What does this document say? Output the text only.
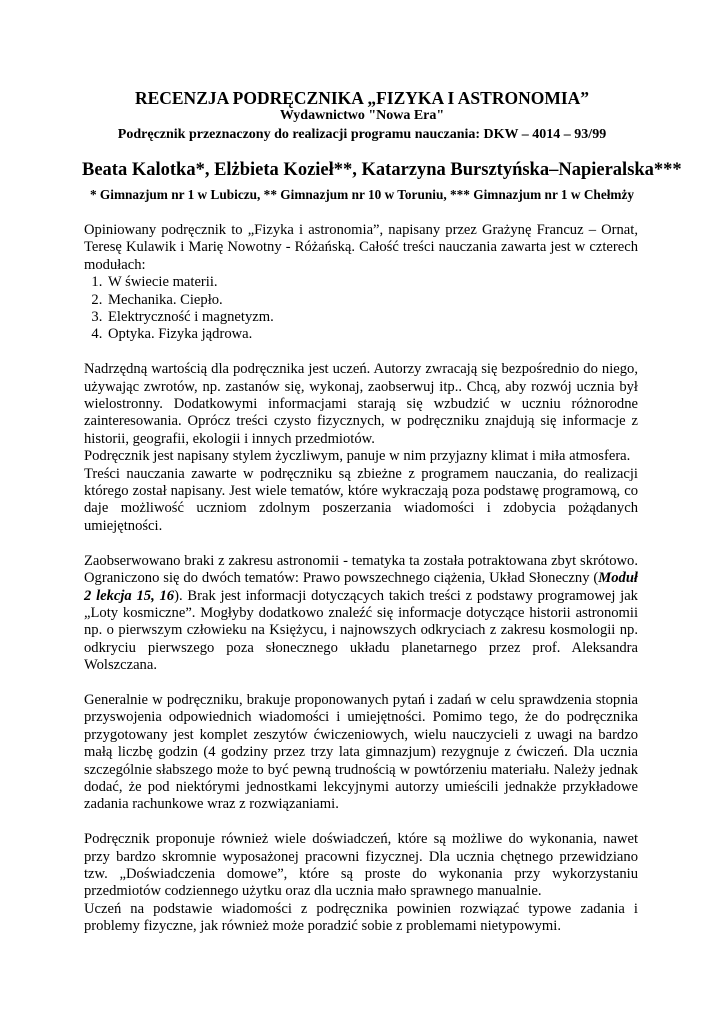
RECENZJA PODRĘCZNIKA „FIZYKA I ASTRONOMIA”
Wydawnictwo "Nowa Era"
Podręcznik przeznaczony do realizacji programu nauczania: DKW – 4014 – 93/99
Beata Kalotka*, Elżbieta Kozieł**, Katarzyna Bursztyńska–Napieralska***
* Gimnazjum nr 1 w Lubiczu, ** Gimnazjum nr 10 w Toruniu, *** Gimnazjum nr 1 w Chełmży

Opiniowany podręcznik to „Fizyka i astronomia”, napisany przez Grażynę Francuz – Ornat, Teresę Kulawik i Marię Nowotny - Różańską. Całość treści nauczania zawarta jest w czterech modułach:

1. W świecie materii.
2. Mechanika. Ciepło.
3. Elektryczność i magnetyzm.
4. Optyka. Fizyka jądrowa.

Nadrzędną wartością dla podręcznika jest uczeń. Autorzy zwracają się bezpośrednio do niego, używając zwrotów, np. zastanów się, wykonaj, zaobserwuj itp.. Chcą, aby rozwój ucznia był wielostronny. Dodatkowymi informacjami starają się wzbudzić w uczniu różnorodne zainteresowania. Oprócz treści czysto fizycznych, w podręczniku znajdują się informacje z historii, geografii, ekologii i innych przedmiotów.

Podręcznik jest napisany stylem życzliwym, panuje w nim przyjazny klimat i miła atmosfera.

Treści nauczania zawarte w podręczniku są zbieżne z programem nauczania, do realizacji którego został napisany. Jest wiele tematów, które wykraczają poza podstawę programową, co daje możliwość uczniom zdolnym poszerzania wiadomości i zdobycia pożądanych umiejętności.

Zaobserwowano braki z zakresu astronomii - tematyka ta została potraktowana zbyt skrótowo. Ograniczono się do dwóch tematów: Prawo powszechnego ciążenia, Układ Słoneczny (Moduł 2 lekcja 15, 16). Brak jest informacji dotyczących takich treści z podstawy programowej jak „Loty kosmiczne”. Mogłyby dodatkowo znaleźć się informacje dotyczące historii astronomii np. o pierwszym człowieku na Księżycu, i najnowszych odkryciach z zakresu kosmologii np. odkryciu pierwszego poza słonecznego układu planetarnego przez prof. Aleksandra Wolszczana.

Generalnie w podręczniku, brakuje proponowanych pytań i zadań w celu sprawdzenia stopnia przyswojenia odpowiednich wiadomości i umiejętności. Pomimo tego, że do podręcznika przygotowany jest komplet zeszytów ćwiczeniowych, wielu nauczycieli z uwagi na bardzo małą liczbę godzin (4 godziny przez trzy lata gimnazjum) rezygnuje z ćwiczeń. Dla ucznia szczególnie słabszego może to być pewną trudnością w powtórzeniu materiału. Należy jednak dodać, że pod niektórymi jednostkami lekcyjnymi autorzy umieścili jednakże przykładowe zadania rachunkowe wraz z rozwiązaniami.

Podręcznik proponuje również wiele doświadczeń, które są możliwe do wykonania, nawet przy bardzo skromnie wyposażonej pracowni fizycznej. Dla ucznia chętnego przewidziano tzw. „Doświadczenia domowe”, które są proste do wykonania przy wykorzystaniu przedmiotów codziennego użytku oraz dla ucznia mało sprawnego manualnie.

Uczeń na podstawie wiadomości z podręcznika powinien rozwiązać typowe zadania i problemy fizyczne, jak również może poradzić sobie z problemami nietypowymi.
